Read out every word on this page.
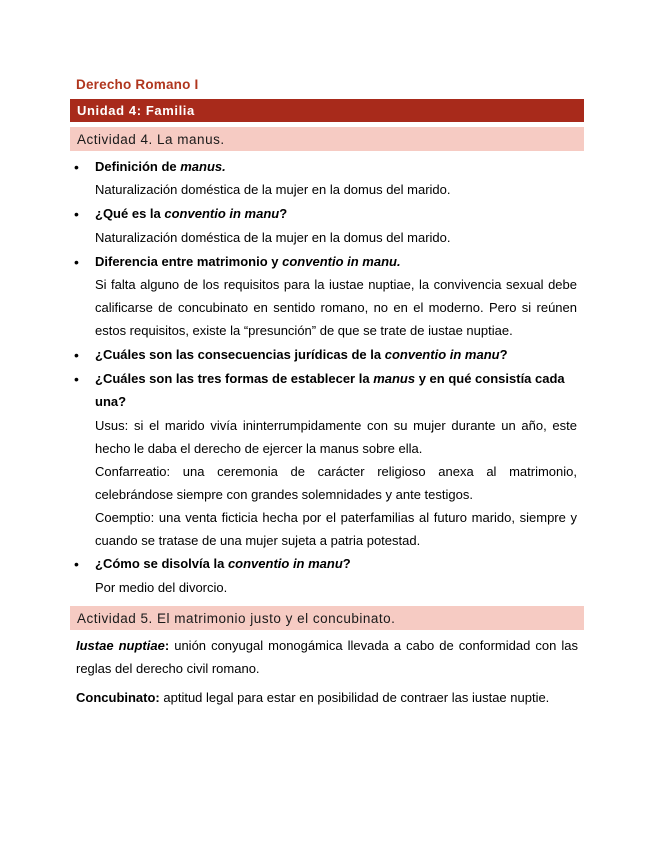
Derecho Romano I
Unidad 4: Familia
Actividad 4. La manus.
• Definición de manus.
Naturalización doméstica de la mujer en la domus del marido.
• ¿Qué es la conventio in manu?
Naturalización doméstica de la mujer en la domus del marido.
• Diferencia entre matrimonio y conventio in manu.
Si falta alguno de los requisitos para la iustae nuptiae, la convivencia sexual debe
calificarse de concubinato en sentido romano, no en el moderno. Pero si reúnen
estos requisitos, existe la “presunción” de que se trate de iustae nuptiae.
• ¿Cuáles son las consecuencias jurídicas de la conventio in manu?
• ¿Cuáles son las tres formas de establecer la manus y en qué consistía cada
una?
Usus: si el marido vivía ininterrumpidamente con su mujer durante un año, este
hecho le daba el derecho de ejercer la manus sobre ella.
Confarreatio: una ceremonia de carácter religioso anexa al matrimonio,
celebrándose siempre con grandes solemnidades y ante testigos.
Coemptio: una venta ficticia hecha por el paterfamilias al futuro marido, siempre y
cuando se tratase de una mujer sujeta a patria potestad.
• ¿Cómo se disolvía la conventio in manu?
Por medio del divorcio.
Actividad 5. El matrimonio justo y el concubinato.
Iustae nuptiae: unión conyugal monogámica llevada a cabo de conformidad con las
reglas del derecho civil romano.
Concubinato: aptitud legal para estar en posibilidad de contraer las iustae nuptie.
